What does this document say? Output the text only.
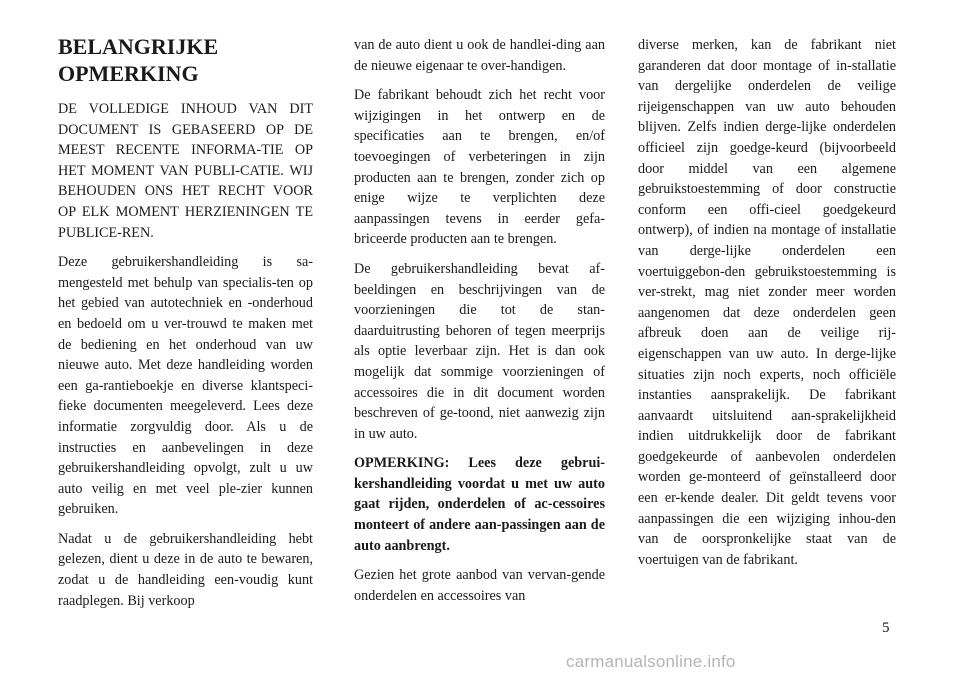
BELANGRIJKE OPMERKING

DE VOLLEDIGE INHOUD VAN DIT DOCUMENT IS GEBASEERD OP DE MEEST RECENTE INFORMA-TIE OP HET MOMENT VAN PUBLI-CATIE. WIJ BEHOUDEN ONS HET RECHT VOOR OP ELK MOMENT HERZIENINGEN TE PUBLICE-REN.

Deze gebruikershandleiding is sa-mengesteld met behulp van specialis-ten op het gebied van autotechniek en -onderhoud en bedoeld om u ver-trouwd te maken met de bediening en het onderhoud van uw nieuwe auto. Met deze handleiding worden een ga-rantieboekje en diverse klantspeci-fieke documenten meegeleverd. Lees deze informatie zorgvuldig door. Als u de instructies en aanbevelingen in deze gebruikershandleiding opvolgt, zult u uw auto veilig en met veel ple-zier kunnen gebruiken.

Nadat u de gebruikershandleiding hebt gelezen, dient u deze in de auto te bewaren, zodat u de handleiding een-voudig kunt raadplegen. Bij verkoop

van de auto dient u ook de handlei-ding aan de nieuwe eigenaar te over-handigen.

De fabrikant behoudt zich het recht voor wijzigingen in het ontwerp en de specificaties aan te brengen, en/of toevoegingen of verbeteringen in zijn producten aan te brengen, zonder zich op enige wijze te verplichten deze aanpassingen tevens in eerder gefa-briceerde producten aan te brengen.

De gebruikershandleiding bevat af-beeldingen en beschrijvingen van de voorzieningen die tot de stan-daarduitrusting behoren of tegen meerprijs als optie leverbaar zijn. Het is dan ook mogelijk dat sommige voorzieningen of accessoires die in dit document worden beschreven of ge-toond, niet aanwezig zijn in uw auto.

OPMERKING: Lees deze gebrui-kershandleiding voordat u met uw auto gaat rijden, onderdelen of ac-cessoires monteert of andere aan-passingen aan de auto aanbrengt.

Gezien het grote aanbod van vervan-gende onderdelen en accessoires van

diverse merken, kan de fabrikant niet garanderen dat door montage of in-stallatie van dergelijke onderdelen de veilige rijeigenschappen van uw auto behouden blijven. Zelfs indien derge-lijke onderdelen officieel zijn goedge-keurd (bijvoorbeeld door middel van een algemene gebruikstoestemming of door constructie conform een offi-cieel goedgekeurd ontwerp), of indien na montage of installatie van derge-lijke onderdelen een voertuiggebon-den gebruikstoestemming is ver-strekt, mag niet zonder meer worden aangenomen dat deze onderdelen geen afbreuk doen aan de veilige rij-eigenschappen van uw auto. In derge-lijke situaties zijn noch experts, noch officiële instanties aansprakelijk. De fabrikant aanvaardt uitsluitend aan-sprakelijkheid indien uitdrukkelijk door de fabrikant goedgekeurde of aanbevolen onderdelen worden ge-monteerd of geïnstalleerd door een er-kende dealer. Dit geldt tevens voor aanpassingen die een wijziging inhou-den van de oorspronkelijke staat van de voertuigen van de fabrikant.

5
carmanualsonline.info
